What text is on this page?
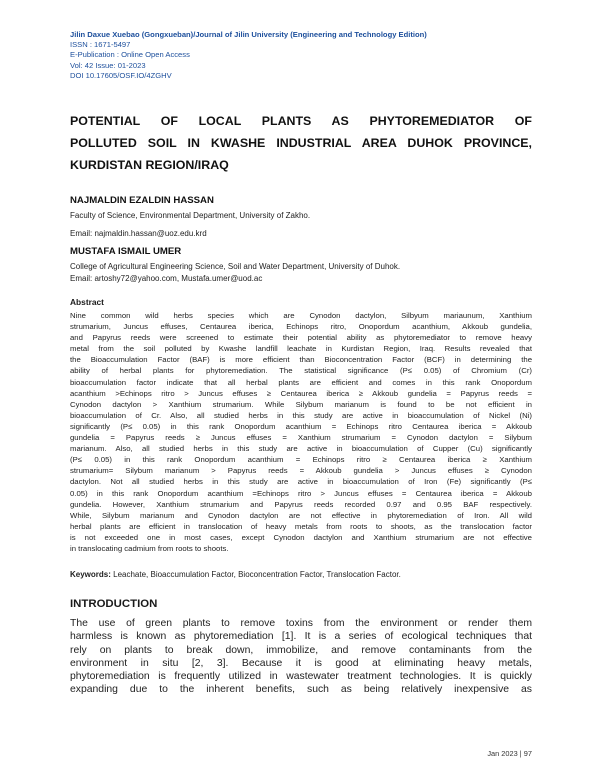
Jilin Daxue Xuebao (Gongxueban)/Journal of Jilin University (Engineering and Technology Edition)
ISSN : 1671-5497
E-Publication : Online Open Access
Vol: 42 Issue: 01-2023
DOI 10.17605/OSF.IO/4ZGHV
POTENTIAL OF LOCAL PLANTS AS PHYTOREMEDIATOR OF
POLLUTED SOIL IN KWASHE INDUSTRIAL AREA DUHOK PROVINCE,
KURDISTAN REGION/IRAQ
NAJMALDIN EZALDIN HASSAN
Faculty of Science, Environmental Department, University of Zakho.
Email: najmaldin.hassan@uoz.edu.krd
MUSTAFA ISMAIL UMER
College of Agricultural Engineering Science, Soil and Water Department, University of Duhok.
Email: artoshy72@yahoo.com, Mustafa.umer@uod.ac
Abstract
Nine common wild herbs species which are Cynodon dactylon, Silbyum mariaunum, Xanthium
strumarium, Juncus effuses, Centaurea iberica, Echinops ritro, Onopordum acanthium, Akkoub gundelia,
and Papyrus reeds were screened to estimate their potential ability as phytoremediator to remove heavy
metal from the soil polluted by Kwashe landfill leachate in Kurdistan Region, Iraq. Results revealed that
the Bioaccumulation Factor (BAF) is more efficient than Bioconcentration Factor (BCF) in determining the
ability of herbal plants for phytoremediation. The statistical significance (P≤ 0.05) of Chromium (Cr)
bioaccumulation factor indicate that all herbal plants are efficient and comes in this rank Onopordum
acanthium >Echinops ritro > Juncus effuses ≥ Centaurea iberica ≥ Akkoub gundelia = Papyrus reeds =
Cynodon dactylon > Xanthium strumarium. While Silybum marianum is found to be not efficient in
bioaccumulation of Cr. Also, all studied herbs in this study are active in bioaccumulation of Nickel (Ni)
significantly (P≤ 0.05) in this rank Onopordum acanthium = Echinops ritro Centaurea iberica = Akkoub
gundelia = Papyrus reeds ≥ Juncus effuses = Xanthium strumarium = Cynodon dactylon = Silybum
marianum. Also, all studied herbs in this study are active in bioaccumulation of Cupper (Cu) significantly
(P≤ 0.05) in this rank Onopordum acanthium = Echinops ritro ≥ Centaurea iberica ≥ Xanthium
strumarium= Silybum marianum > Papyrus reeds = Akkoub gundelia > Juncus effuses ≥ Cynodon
dactylon. Not all studied herbs in this study are active in bioaccumulation of Iron (Fe) significantly (P≤
0.05) in this rank Onopordum acanthium =Echinops ritro > Juncus effuses = Centaurea iberica = Akkoub
gundelia. However, Xanthium strumarium and Papyrus reeds recorded 0.97 and 0.95 BAF respectively.
While, Silybum marianum and Cynodon dactylon are not effective in phytoremediation of Iron. All wild
herbal plants are efficient in translocation of heavy metals from roots to shoots, as the translocation factor
is not exceeded one in most cases, except Cynodon dactylon and Xanthium strumarium are not effective
in translocating cadmium from roots to shoots.
Keywords: Leachate, Bioaccumulation Factor, Bioconcentration Factor, Translocation Factor.
INTRODUCTION
The use of green plants to remove toxins from the environment or render them
harmless is known as phytoremediation [1]. It is a series of ecological techniques that
rely on plants to break down, immobilize, and remove contaminants from the
environment in situ [2, 3]. Because it is good at eliminating heavy metals,
phytoremediation is frequently utilized in wastewater treatment technologies. It is quickly
expanding due to the inherent benefits, such as being relatively inexpensive as
Jan 2023 | 97
